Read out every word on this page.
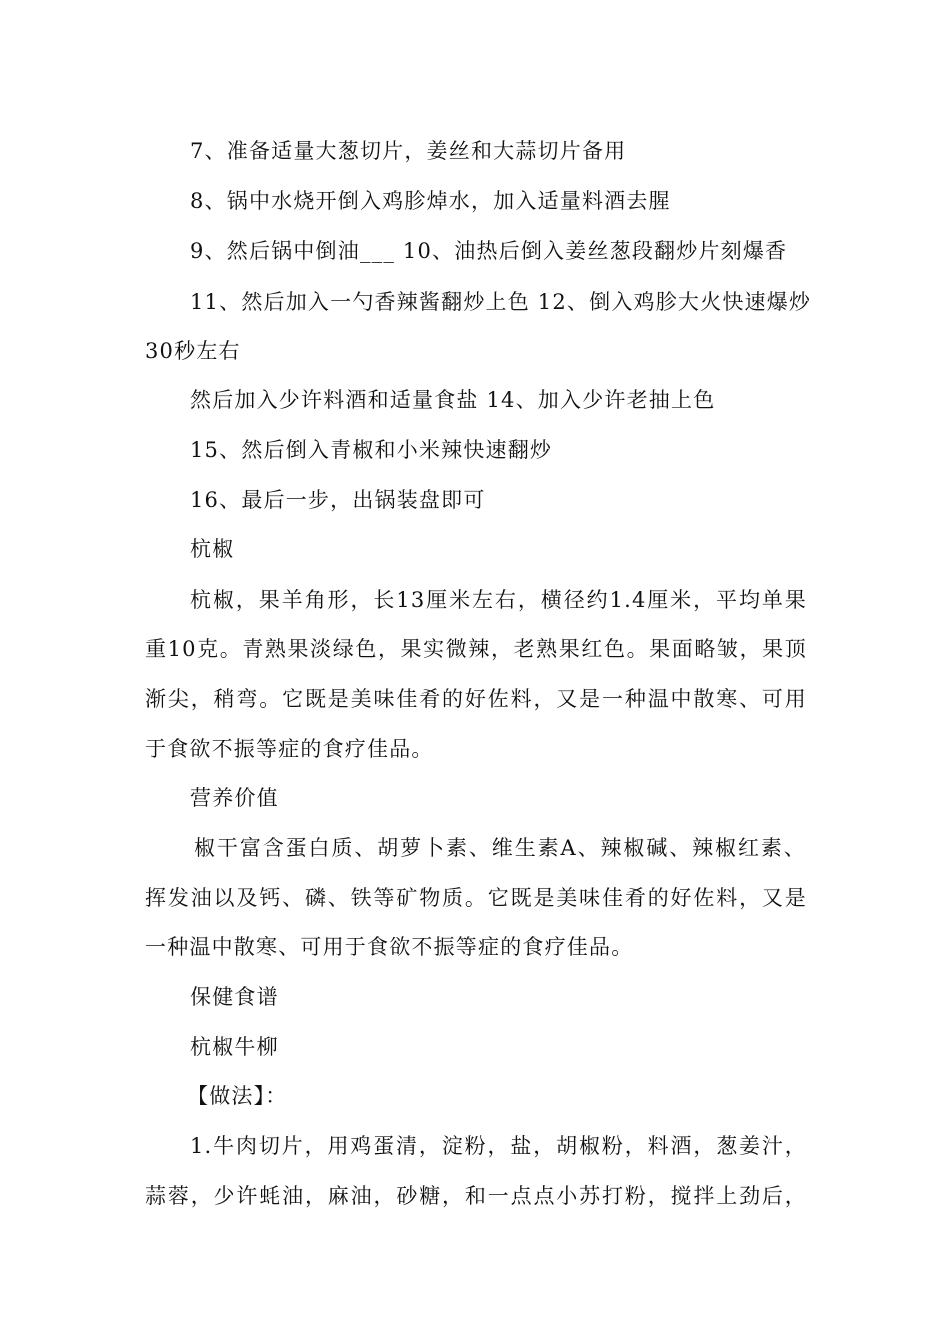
7、准备适量大葱切片，姜丝和大蒜切片备用
8、锅中水烧开倒入鸡胗焯水，加入适量料酒去腥
9、然后锅中倒油___ 10、油热后倒入姜丝葱段翻炒片刻爆香
11、然后加入一勺香辣酱翻炒上色 12、倒入鸡胗大火快速爆炒
30秒左右
然后加入少许料酒和适量食盐 14、加入少许老抽上色
15、然后倒入青椒和小米辣快速翻炒
16、最后一步，出锅装盘即可
杭椒
杭椒，果羊角形，长13厘米左右，横径约1.4厘米，平均单果
重10克。青熟果淡绿色，果实微辣，老熟果红色。果面略皱，果顶
渐尖，稍弯。它既是美味佳肴的好佐料，又是一种温中散寒、可用
于食欲不振等症的食疗佳品。
营养价值
椒干富含蛋白质、胡萝卜素、维生素A、辣椒碱、辣椒红素、
挥发油以及钙、磷、铁等矿物质。它既是美味佳肴的好佐料，又是
一种温中散寒、可用于食欲不振等症的食疗佳品。
保健食谱
杭椒牛柳
【做法】：
1.牛肉切片，用鸡蛋清，淀粉，盐，胡椒粉，料酒，葱姜汁，
蒜蓉，少许蚝油，麻油，砂糖，和一点点小苏打粉，搅拌上劲后，
